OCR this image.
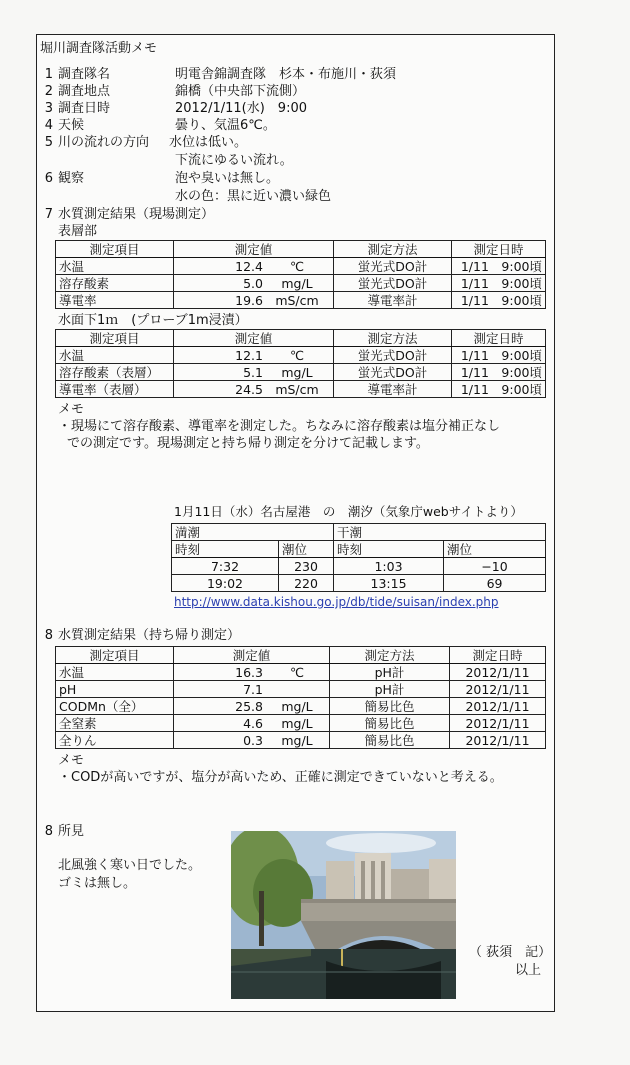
堀川調査隊活動メモ
1 調査隊名	明電舎錦調査隊　杉本・布施川・荻須
2 調査地点	錦橋（中央部下流側）
3 調査日時	2012/1/11(水)　9:00
4 天候	曇り、気温6℃。
5 川の流れの方向 水位は低い。
下流にゆるい流れ。
6 観察	泡や臭いは無し。
水の色：黒に近い濃い緑色
7 水質測定結果（現場測定）
表層部
測定項目	測定値	測定方法	測定日時
水温	12.4 ℃	蛍光式DO計	1/11　9:00頃
溶存酸素	5.0 mg/L	蛍光式DO計	1/11　9:00頃
導電率	19.6 mS/cm	導電率計	1/11　9:00頃
水面下1ｍ　(プローブ1m浸漬）
測定項目	測定値	測定方法	測定日時
水温	12.1 ℃	蛍光式DO計	1/11　9:00頃
溶存酸素（表層）	5.1 mg/L	蛍光式DO計	1/11　9:00頃
導電率（表層）	24.5 mS/cm	導電率計	1/11　9:00頃
メモ
・現場にて溶存酸素、導電率を測定した。ちなみに溶存酸素は塩分補正なし
での測定です。現場測定と持ち帰り測定を分けて記載します。
1月11日（水）名古屋港　の　潮汐（気象庁webサイトより）
満潮		干潮	
時刻	潮位	時刻	潮位
7:32	230	1:03	−10
19:02	220	13:15	69
http://www.data.kishou.go.jp/db/tide/suisan/index.php
8 水質測定結果（持ち帰り測定）
測定項目	測定値	測定方法	測定日時
水温	16.3 ℃	pH計	2012/1/11
pH	7.1	pH計	2012/1/11
CODMn（全）	25.8 mg/L	簡易比色	2012/1/11
全窒素	4.6 mg/L	簡易比色	2012/1/11
全りん	0.3 mg/L	簡易比色	2012/1/11
メモ
・CODが高いですが、塩分が高いため、正確に測定できていないと考える。
8 所見
北風強く寒い日でした。
ゴミは無し。
（ 荻須　記）
以上
